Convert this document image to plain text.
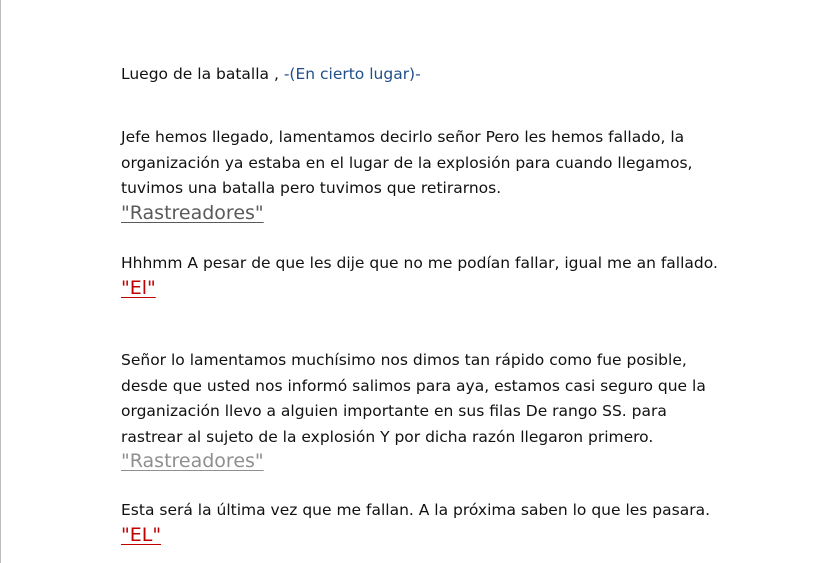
Luego de la batalla , -(En cierto lugar)-

Jefe hemos llegado, lamentamos decirlo señor Pero les hemos fallado, la organización ya estaba en el lugar de la explosión para cuando llegamos, tuvimos una batalla pero tuvimos que retirarnos.

"Rastreadores"

Hhhmm A pesar de que les dije que no me podían fallar, igual me an fallado.

"El"

Señor lo lamentamos muchísimo nos dimos tan rápido como fue posible, desde que usted nos informó salimos para aya, estamos casi seguro que la organización llevo a alguien importante en sus filas De rango SS. para rastrear al sujeto de la explosión Y por dicha razón llegaron primero.

"Rastreadores"

Esta será la última vez que me fallan. A la próxima saben lo que les pasara.

"EL"
